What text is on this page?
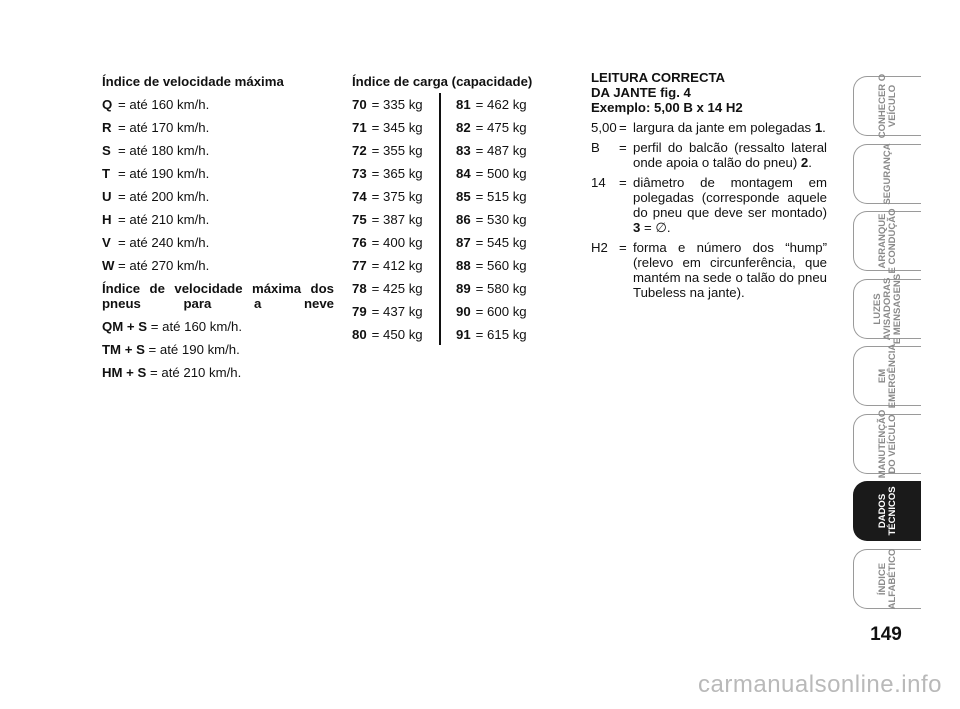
Índice de velocidade máxima
Q = até 160 km/h.
R = até 170 km/h.
S = até 180 km/h.
T = até 190 km/h.
U = até 200 km/h.
H = até 210 km/h.
V = até 240 km/h.
W = até 270 km/h.
Índice de velocidade máxima dos pneus para a neve
QM + S = até 160 km/h.
TM + S = até 190 km/h.
HM + S = até 210 km/h.
Índice de carga (capacidade)
70 = 335 kg
71 = 345 kg
72 = 355 kg
73 = 365 kg
74 = 375 kg
75 = 387 kg
76 = 400 kg
77 = 412 kg
78 = 425 kg
79 = 437 kg
80 = 450 kg
81 = 462 kg
82 = 475 kg
83 = 487 kg
84 = 500 kg
85 = 515 kg
86 = 530 kg
87 = 545 kg
88 = 560 kg
89 = 580 kg
90 = 600 kg
91 = 615 kg

LEITURA CORRECTA

DA JANTE fig. 4

Exemplo: 5,00 B x 14 H2

5,00 = largura da jante em polegadas 1.
B	= perfil do balcão (ressalto lateral onde apoia o talão do pneu) 2.
14	= diâmetro de montagem em polegadas (corresponde aquele do pneu que deve ser montado) 3 = ∅.
H2 = forma e número dos “hump” (relevo em circunferência, que mantém na sede o talão do pneu Tubeless na jante).
CONHECER O
VEÍCULO
SEGURANÇA
ARRANQUE
E CONDUÇÃO
LUZES
AVISADORAS
E MENSAGENS
EM
EMERGÊNCIA
MANUTENÇÃO
DO VEÍCULO
DADOS
TÉCNICOS
ÍNDICE
ALFABÉTICO
149
carmanualsonline.info
